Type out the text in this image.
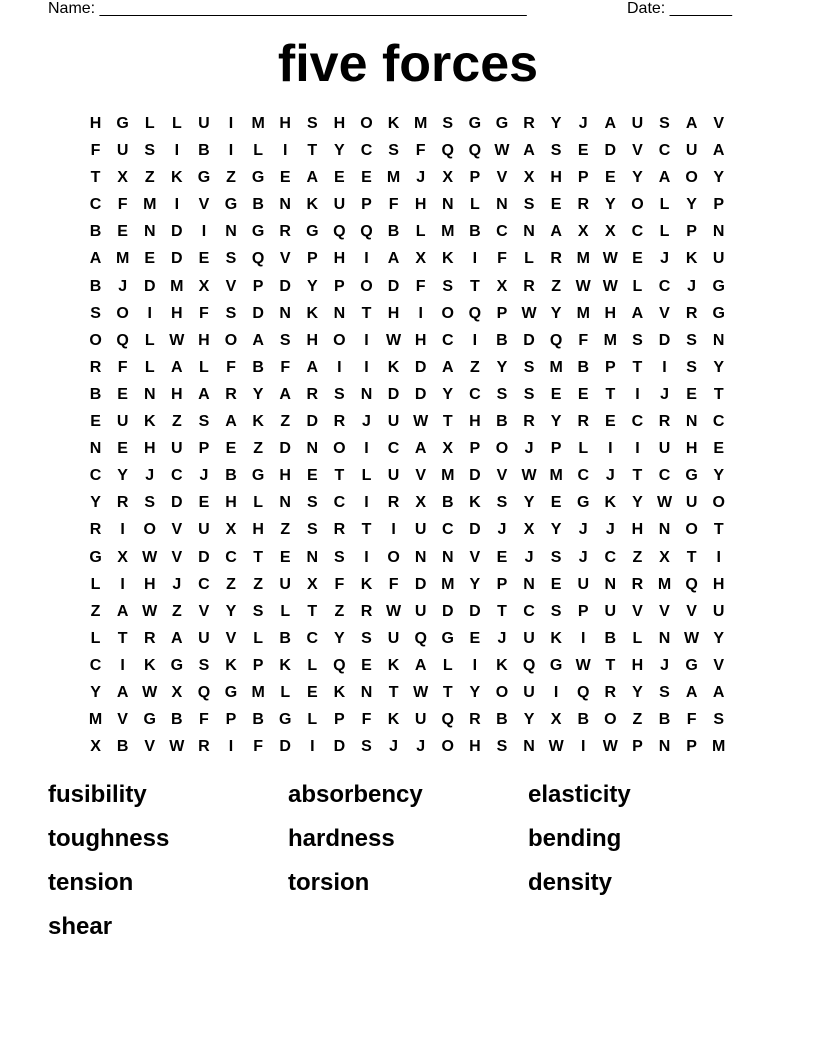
Name: ________________________________________________	Date: _______
five forces
H G L	L	U	I	M H S H O K M S G G R Y	J	A U S A V
F	U S	I	B	I	L	I	T	Y C S	F Q Q W A S	E D V C U A
T	X	Z	K G Z G E A E	E M J	X	P	V	X H P	E	Y A O Y
C	F M	I	V G B N K U P	F	H N	L	N S	E R Y O L	Y	P
B E N D	I	N G R G Q Q B	L M B C N A X	X C	L	P N
A M E D E	S Q V	P H	I	A X K	I	F	L	R M W E	J	K U
B	J	D M X	V	P D Y	P O D	F	S	T	X R	Z W W L	C	J	G
S O	I	H	F	S D N K N	T	H	I	O Q P W Y M H A V R G
O Q L W H O A S H O	I	W H C	I	B D Q F M S D S N
R	F	L	A	L	F	B	F	A	I	I	K D A	Z	Y	S M B P	T	I	S	Y
B E N H A R Y A R S N D D Y C S	S	E	E	T	I	J	E	T
E U K	Z	S A K	Z	D R	J	U W T	H B R Y R E C R N C
N E H U P	E	Z	D N O	I	C A X	P O	J	P	L	I	I	U H E
C Y	J	C	J	B G H E	T	L	U V M D V W M C	J	T	C G Y
Y R S D E H	L	N S C	I	R X B K S	Y	E G K Y W U O
R	I	O V U X H	Z	S R	T	I	U C D	J	X	Y	J	J	H N O T
G X W V D C	T	E N S	I	O N N V	E	J	S	J	C	Z	X	T	I
L	I	H	J	C	Z	Z	U X	F	K	F	D M Y	P N E U N R M Q H
Z	A W Z	V	Y	S	L	T	Z	R W U D D	T	C S	P U V	V	V U
L	T	R A U V	L	B C Y	S U Q G E	J	U K	I	B	L	N W Y
C	I	K G S K P K	L Q E K A	L	I	K Q G W T	H	J	G V
Y A W X Q G M L	E K N	T W T	Y O U	I	Q R Y	S A A
M V G B	F	P B G L	P	F	K U Q R B Y	X B O Z	B	F	S
X B V W R	I	F	D	I	D S	J	J	O H S N W	I	W P N P M
fusibility	absorbency	elasticity
toughness	hardness	bending
tension	torsion	density
shear
